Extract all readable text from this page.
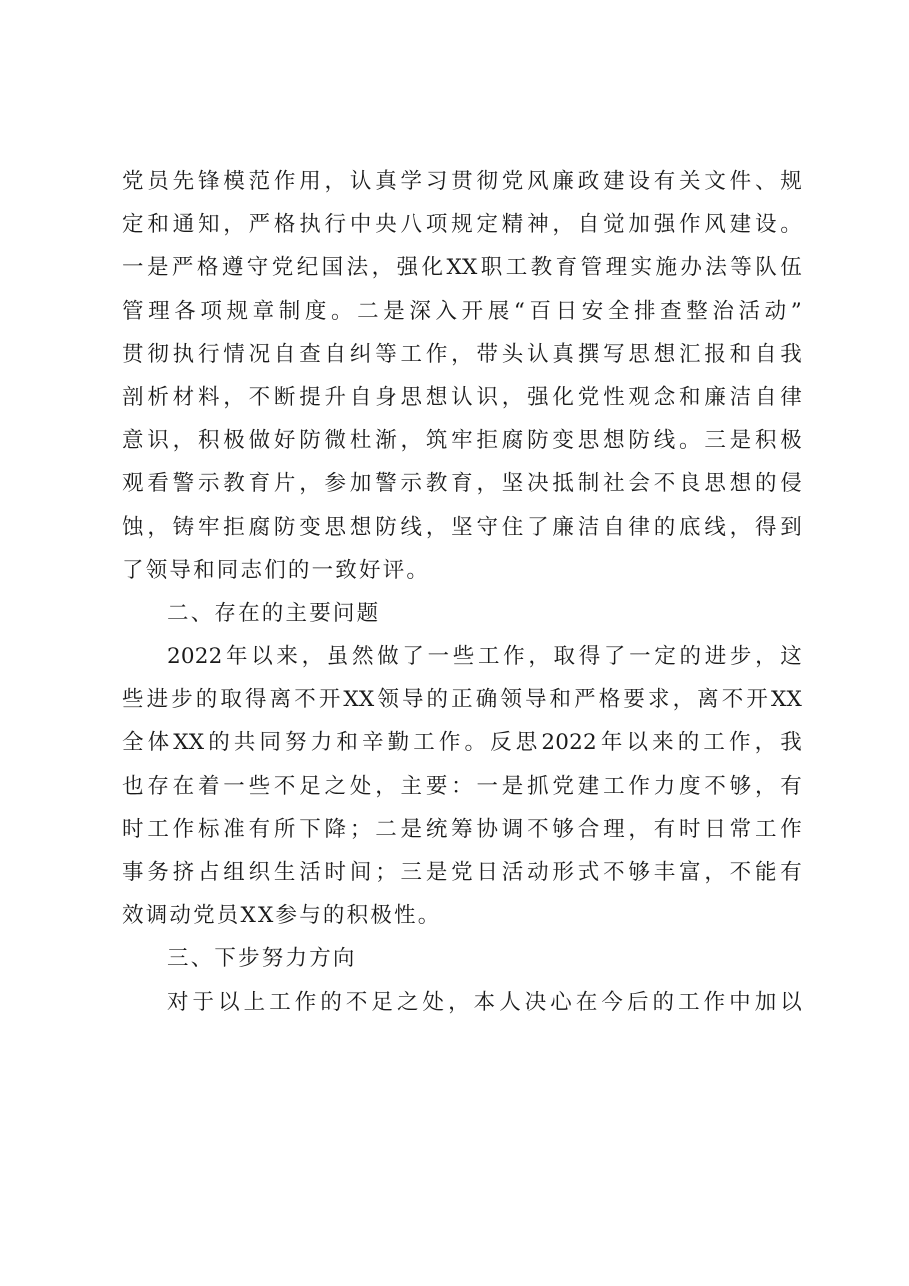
党员先锋模范作用，认真学习贯彻党风廉政建设有关文件、规
定和通知，严格执行中央八项规定精神，自觉加强作风建设。
一是严格遵守党纪国法，强化XX职工教育管理实施办法等队伍
管理各项规章制度。二是深入开展“百日安全排查整治活动”
贯彻执行情况自查自纠等工作，带头认真撰写思想汇报和自我
剖析材料，不断提升自身思想认识，强化党性观念和廉洁自律
意识，积极做好防微杜渐，筑牢拒腐防变思想防线。三是积极
观看警示教育片，参加警示教育，坚决抵制社会不良思想的侵
蚀，铸牢拒腐防变思想防线，坚守住了廉洁自律的底线，得到
了领导和同志们的一致好评。
二、存在的主要问题
2022年以来，虽然做了一些工作，取得了一定的进步，这
些进步的取得离不开XX领导的正确领导和严格要求，离不开XX
全体XX的共同努力和辛勤工作。反思2022年以来的工作，我
也存在着一些不足之处，主要：一是抓党建工作力度不够，有
时工作标准有所下降；二是统筹协调不够合理，有时日常工作
事务挤占组织生活时间；三是党日活动形式不够丰富，不能有
效调动党员XX参与的积极性。
三、下步努力方向
对于以上工作的不足之处，本人决心在今后的工作中加以
